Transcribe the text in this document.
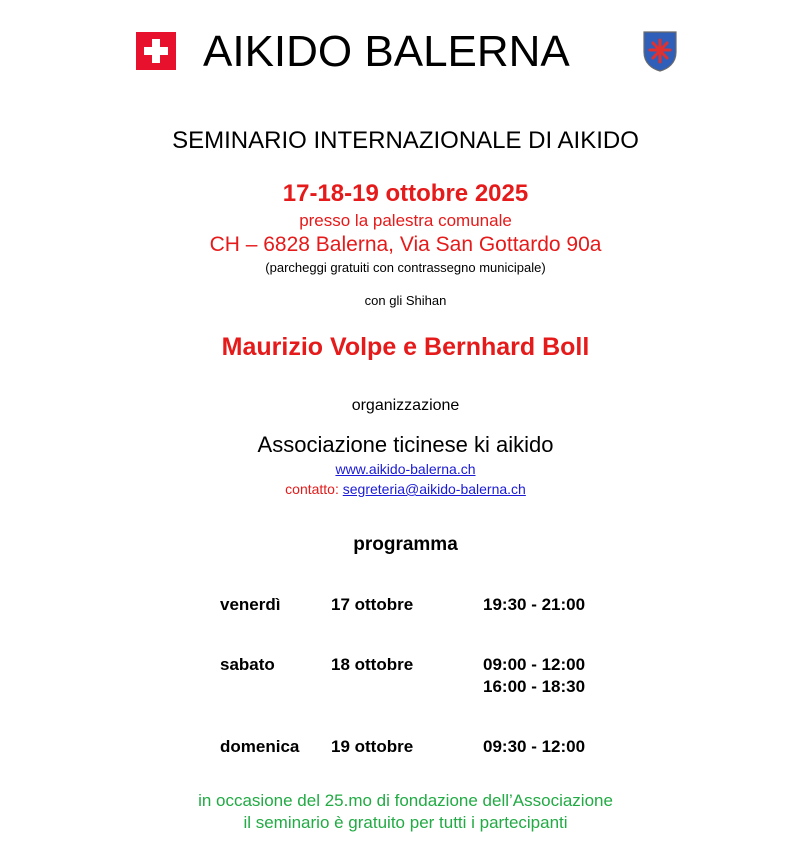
AIKIDO BALERNA
SEMINARIO INTERNAZIONALE DI AIKIDO
17-18-19 ottobre 2025
presso la palestra comunale
CH – 6828 Balerna, Via San Gottardo 90a
(parcheggi gratuiti con contrassegno municipale)
con gli Shihan
Maurizio Volpe e Bernhard Boll
organizzazione
Associazione ticinese ki aikido
www.aikido-balerna.ch
contatto: segreteria@aikido-balerna.ch
programma
venerdì	17 ottobre	19:30 - 21:00
sabato	18 ottobre	09:00 - 12:00
16:00 - 18:30
domenica 19 ottobre	09:30 - 12:00
in occasione del 25.mo di fondazione dell’Associazione
il seminario è gratuito per tutti i partecipanti
